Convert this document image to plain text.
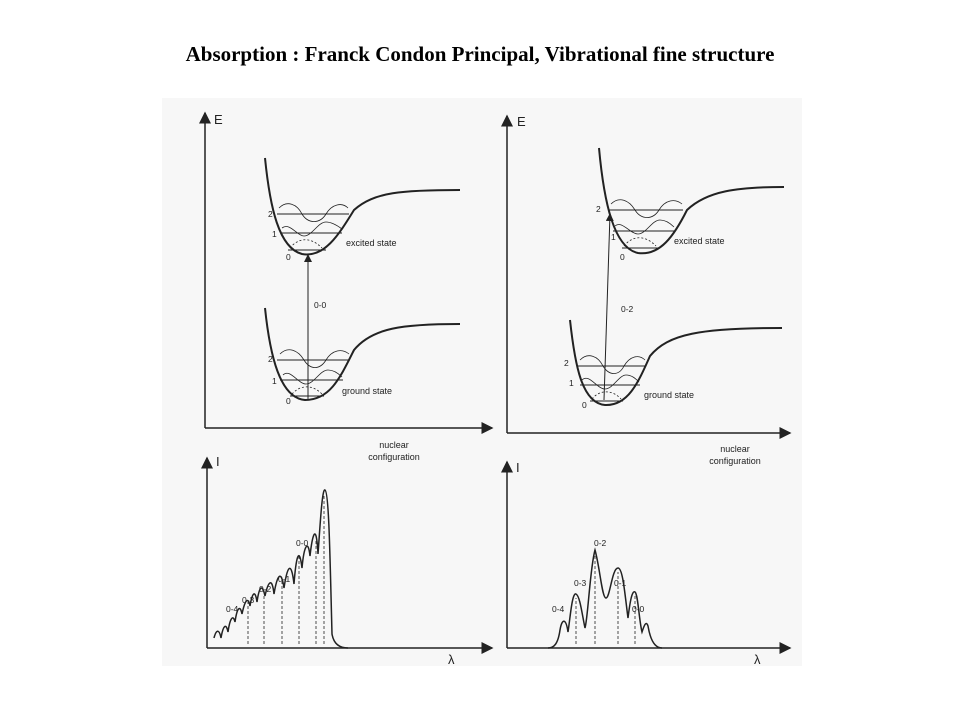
Absorption : Franck Condon Principal, Vibrational fine structure
E
nuclear
configuration
excited state
ground state
0-0
2
1
0
2
1
0
E
nuclear
configuration
excited state
ground state
0-2
2
1
0
2
1
0
I
λ
0-4
0-3
0-2
0-1
0-0
I
λ
0-4
0-3
0-2
0-1
0-0
